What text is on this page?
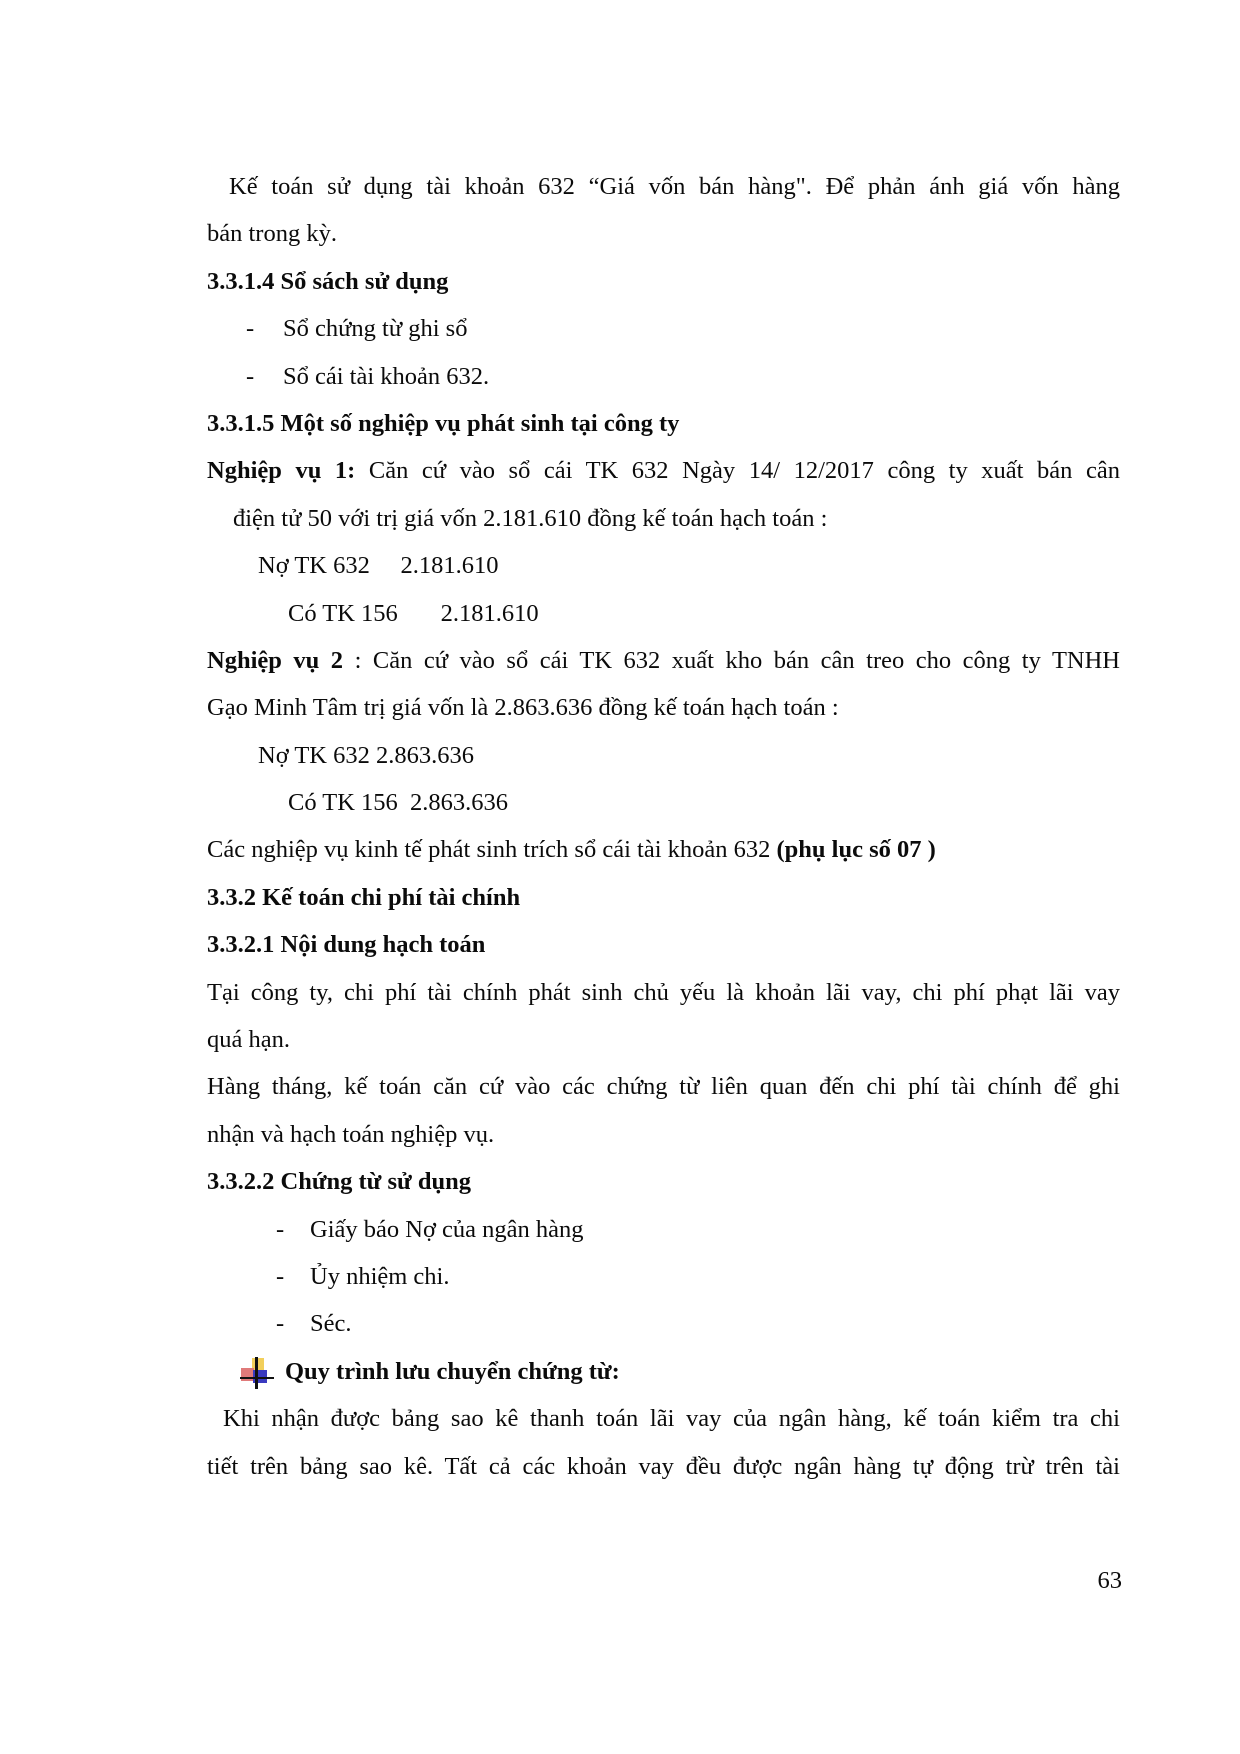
Kế toán sử dụng tài khoản 632 “Giá vốn bán hàng". Để phản ánh giá vốn hàng
bán trong kỳ.
3.3.1.4 Sổ sách sử dụng
- Sổ chứng từ ghi sổ
- Sổ cái tài khoản 632.
3.3.1.5 Một số nghiệp vụ phát sinh tại công ty
Nghiệp vụ 1: Căn cứ vào sổ cái TK 632 Ngày 14/ 12/2017 công ty xuất bán cân
điện tử 50 với trị giá vốn 2.181.610 đồng kế toán hạch toán :
Nợ TK 632     2.181.610
Có TK 156       2.181.610
Nghiệp vụ 2 : Căn cứ vào sổ cái TK 632 xuất kho bán cân treo cho công ty TNHH
Gạo Minh Tâm trị giá vốn là 2.863.636 đồng kế toán hạch toán :
Nợ TK 632 2.863.636
Có TK 156  2.863.636
Các nghiệp vụ kinh tế phát sinh trích sổ cái tài khoản 632 (phụ lục số 07 )
3.3.2 Kế toán chi phí tài chính
3.3.2.1 Nội dung hạch toán
Tại công ty, chi phí tài chính phát sinh chủ yếu là khoản lãi vay, chi phí phạt lãi vay
quá hạn.
Hàng tháng, kế toán căn cứ vào các chứng từ liên quan đến chi phí tài chính để ghi
nhận và hạch toán nghiệp vụ.
3.3.2.2 Chứng từ sử dụng
- Giấy báo Nợ của ngân hàng
- Ủy nhiệm chi.
- Séc.
Quy trình lưu chuyển chứng từ:
Khi nhận được bảng sao kê thanh toán lãi vay của ngân hàng, kế toán kiểm tra chi
tiết trên bảng sao kê. Tất cả các khoản vay đều được ngân hàng tự động trừ trên tài
63
